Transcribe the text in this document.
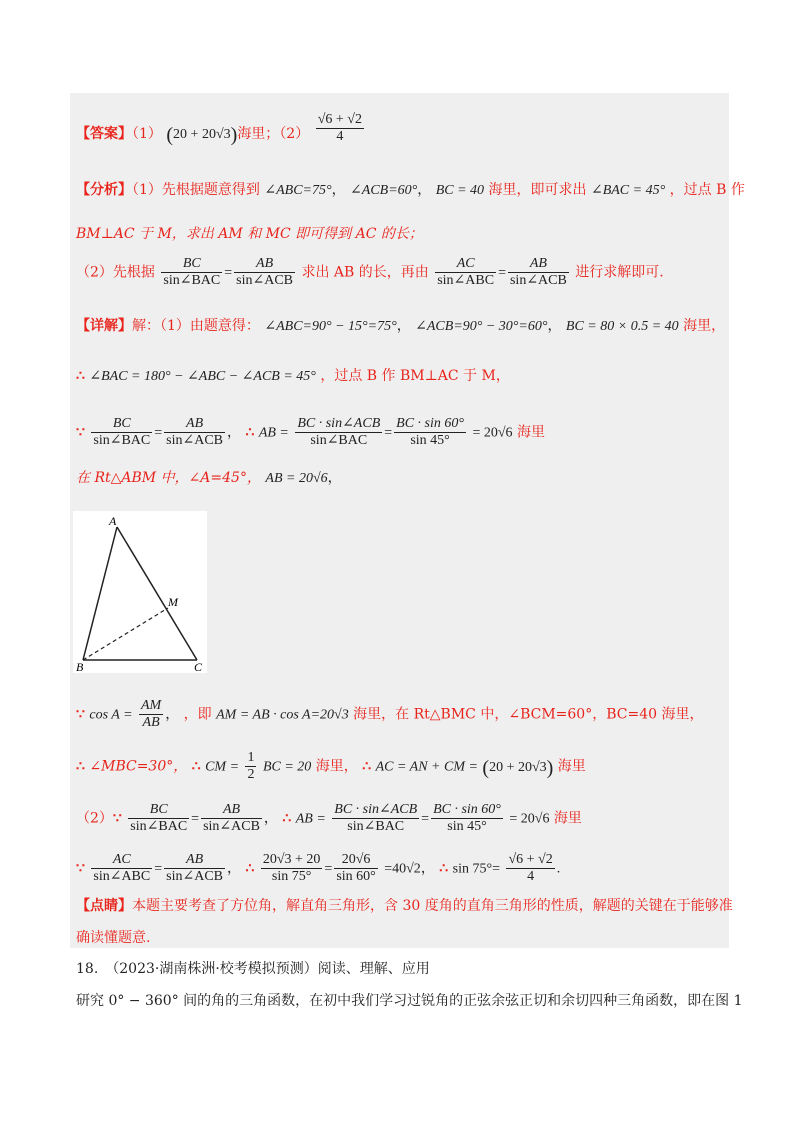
【答案】（1） (20 + 20√3)海里；$(2) \frac{√6 + √2}{4}$
【分析】（1）先根据题意得到 ∠ABC=75°， ∠ACB=60°， BC = 40 海里，即可求出 ∠BAC = 45° ，过点 B 作
BM⊥AC 于 M，求出 AM 和 MC 即可得到 AC 的长；
（2）先根据 $\frac{BC}{\text{sin∠BAC}} = \frac{AB}{\text{sin∠ACB}}$ 求出 AB 的长，再由 $\frac{AC}{\text{sin∠ABC}} = \frac{AB}{\text{sin∠ACB}}$ 进行求解即可.
【详解】解：（1）由题意得： ∠ABC=90° − 15°=75°， ∠ACB=90° − 30°=60°， BC = 80 × 0.5 = 40 海里，
∴ ∠BAC = 180° − ∠ABC − ∠ACB = 45° ，过点 B 作 BM⊥AC 于 M，
∵ $\frac{BC}{\text{sin∠BAC}} = \frac{AB}{\text{sin∠ACB}}$ ， ∴ AB = $\frac{\text{BC · sin∠ACB}}{\text{sin∠BAC}} = \frac{BC \cdot \sin 60^\circ}{\sin 45^\circ} = 20√6$ 海里
在 Rt△ABM 中，∠A=45°， AB = 20√6，
A
B	C
M
∵ $\cos A = \frac{AM}{AB}$ ， ，即 AM = AB · cos A=20√3 海里，在 Rt△BMC 中，∠BCM=60°，BC=40 海里，
∴ ∠MBC=30°， ∴ CM = $\frac{1}{2}$ BC = 20 海里， ∴ AC = AN + CM = (20 + 20√3) 海里
（2）∵ $\frac{BC}{\text{sin∠BAC}} = \frac{AB}{\text{sin∠ACB}}$ ， ∴ AB = $\frac{\text{BC · sin∠ACB}}{\text{sin∠BAC}} = \frac{BC \cdot \sin 60^\circ}{\sin 45^\circ} = 20√6$ 海里
∵ $\frac{AC}{\text{sin∠ABC}} = \frac{AB}{\text{sin∠ACB}}$ ， ∴ $\frac{20√3 + 20}{\sin 75^\circ} = \frac{20√6}{\sin 60^\circ} =40√2$， ∴ $\sin 75^\circ= \frac{√6 + √2}{4}$ .
【点睛】本题主要考查了方位角，解直角三角形，含 30 度角的直角三角形的性质，解题的关键在于能够准
确读懂题意.
18.　（2023·湖南株洲·校考模拟预测）阅读、理解、应用
研究 0° − 360° 间的角的三角函数，在初中我们学习过锐角的正弦余弦正切和余切四种三角函数，即在图 1
